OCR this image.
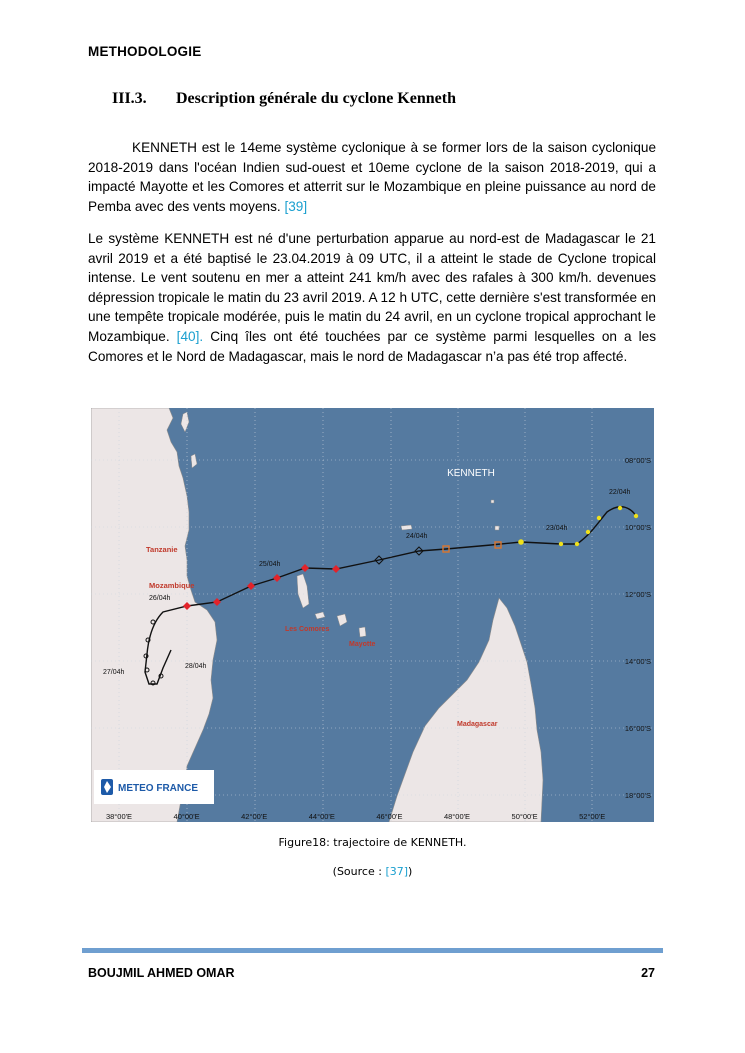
METHODOLOGIE
III.3. Description générale du cyclone Kenneth

KENNETH est le 14eme système cyclonique à se former lors de la saison cyclonique 2018-2019 dans l'océan Indien sud-ouest et 10eme cyclone de la saison 2018-2019, qui a impacté Mayotte et les Comores et atterrit sur le Mozambique en pleine puissance au nord de Pemba avec des vents moyens. [39]

Le système KENNETH est né d'une perturbation apparue au nord-est de Madagascar le 21 avril 2019 et a été baptisé le 23.04.2019 à 09 UTC, il a atteint le stade de Cyclone tropical intense. Le vent soutenu en mer a atteint 241 km/h avec des rafales à 300 km/h. devenues dépression tropicale le matin du 23 avril 2019. A 12 h UTC, cette dernière s'est transformée en une tempête tropicale modérée, puis le matin du 24 avril, en un cyclone tropical approchant le Mozambique. [40]. Cinq îles ont été touchées par ce système parmi lesquelles on a les Comores et le Nord de Madagascar, mais le nord de Madagascar n’a pas été trop affecté.

KENNETH
Tanzanie
Mozambique
Les Comores
Mayotte
Madagascar
22/04h
23/04h
24/04h
25/04h
26/04h
27/04h
28/04h
38°00'E	40°00'E	42°00'E	44°00'E	46°00'E	48°00'E	50°00'E	52°00'E
08°00'S
10°00'S
12°00'S
14°00'S
16°00'S
18°00'S
METEO FRANCE
Figure18: trajectoire de KENNETH.
(Source : [37])
BOUJMIL AHMED OMAR	27
